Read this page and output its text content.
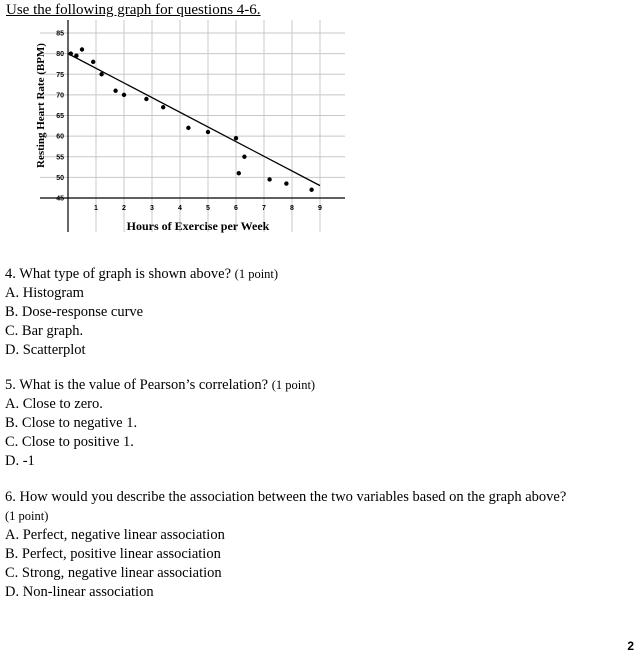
Use the following graph for questions 4-6.
45
50
55
60
65
70
75
80
85
1	2	3	4	5	6	7	8	9
Hours of Exercise per Week
Resting Heart Rate (BPM)
4. What type of graph is shown above? (1 point)
A. Histogram
B. Dose-response curve
C. Bar graph.
D. Scatterplot
5. What is the value of Pearson’s correlation? (1 point)
A. Close to zero.
B. Close to negative 1.
C. Close to positive 1.
D. -1
6. How would you describe the association between the two variables based on the graph above?
(1 point)
A. Perfect, negative linear association
B. Perfect, positive linear association
C. Strong, negative linear association
D. Non-linear association
2
